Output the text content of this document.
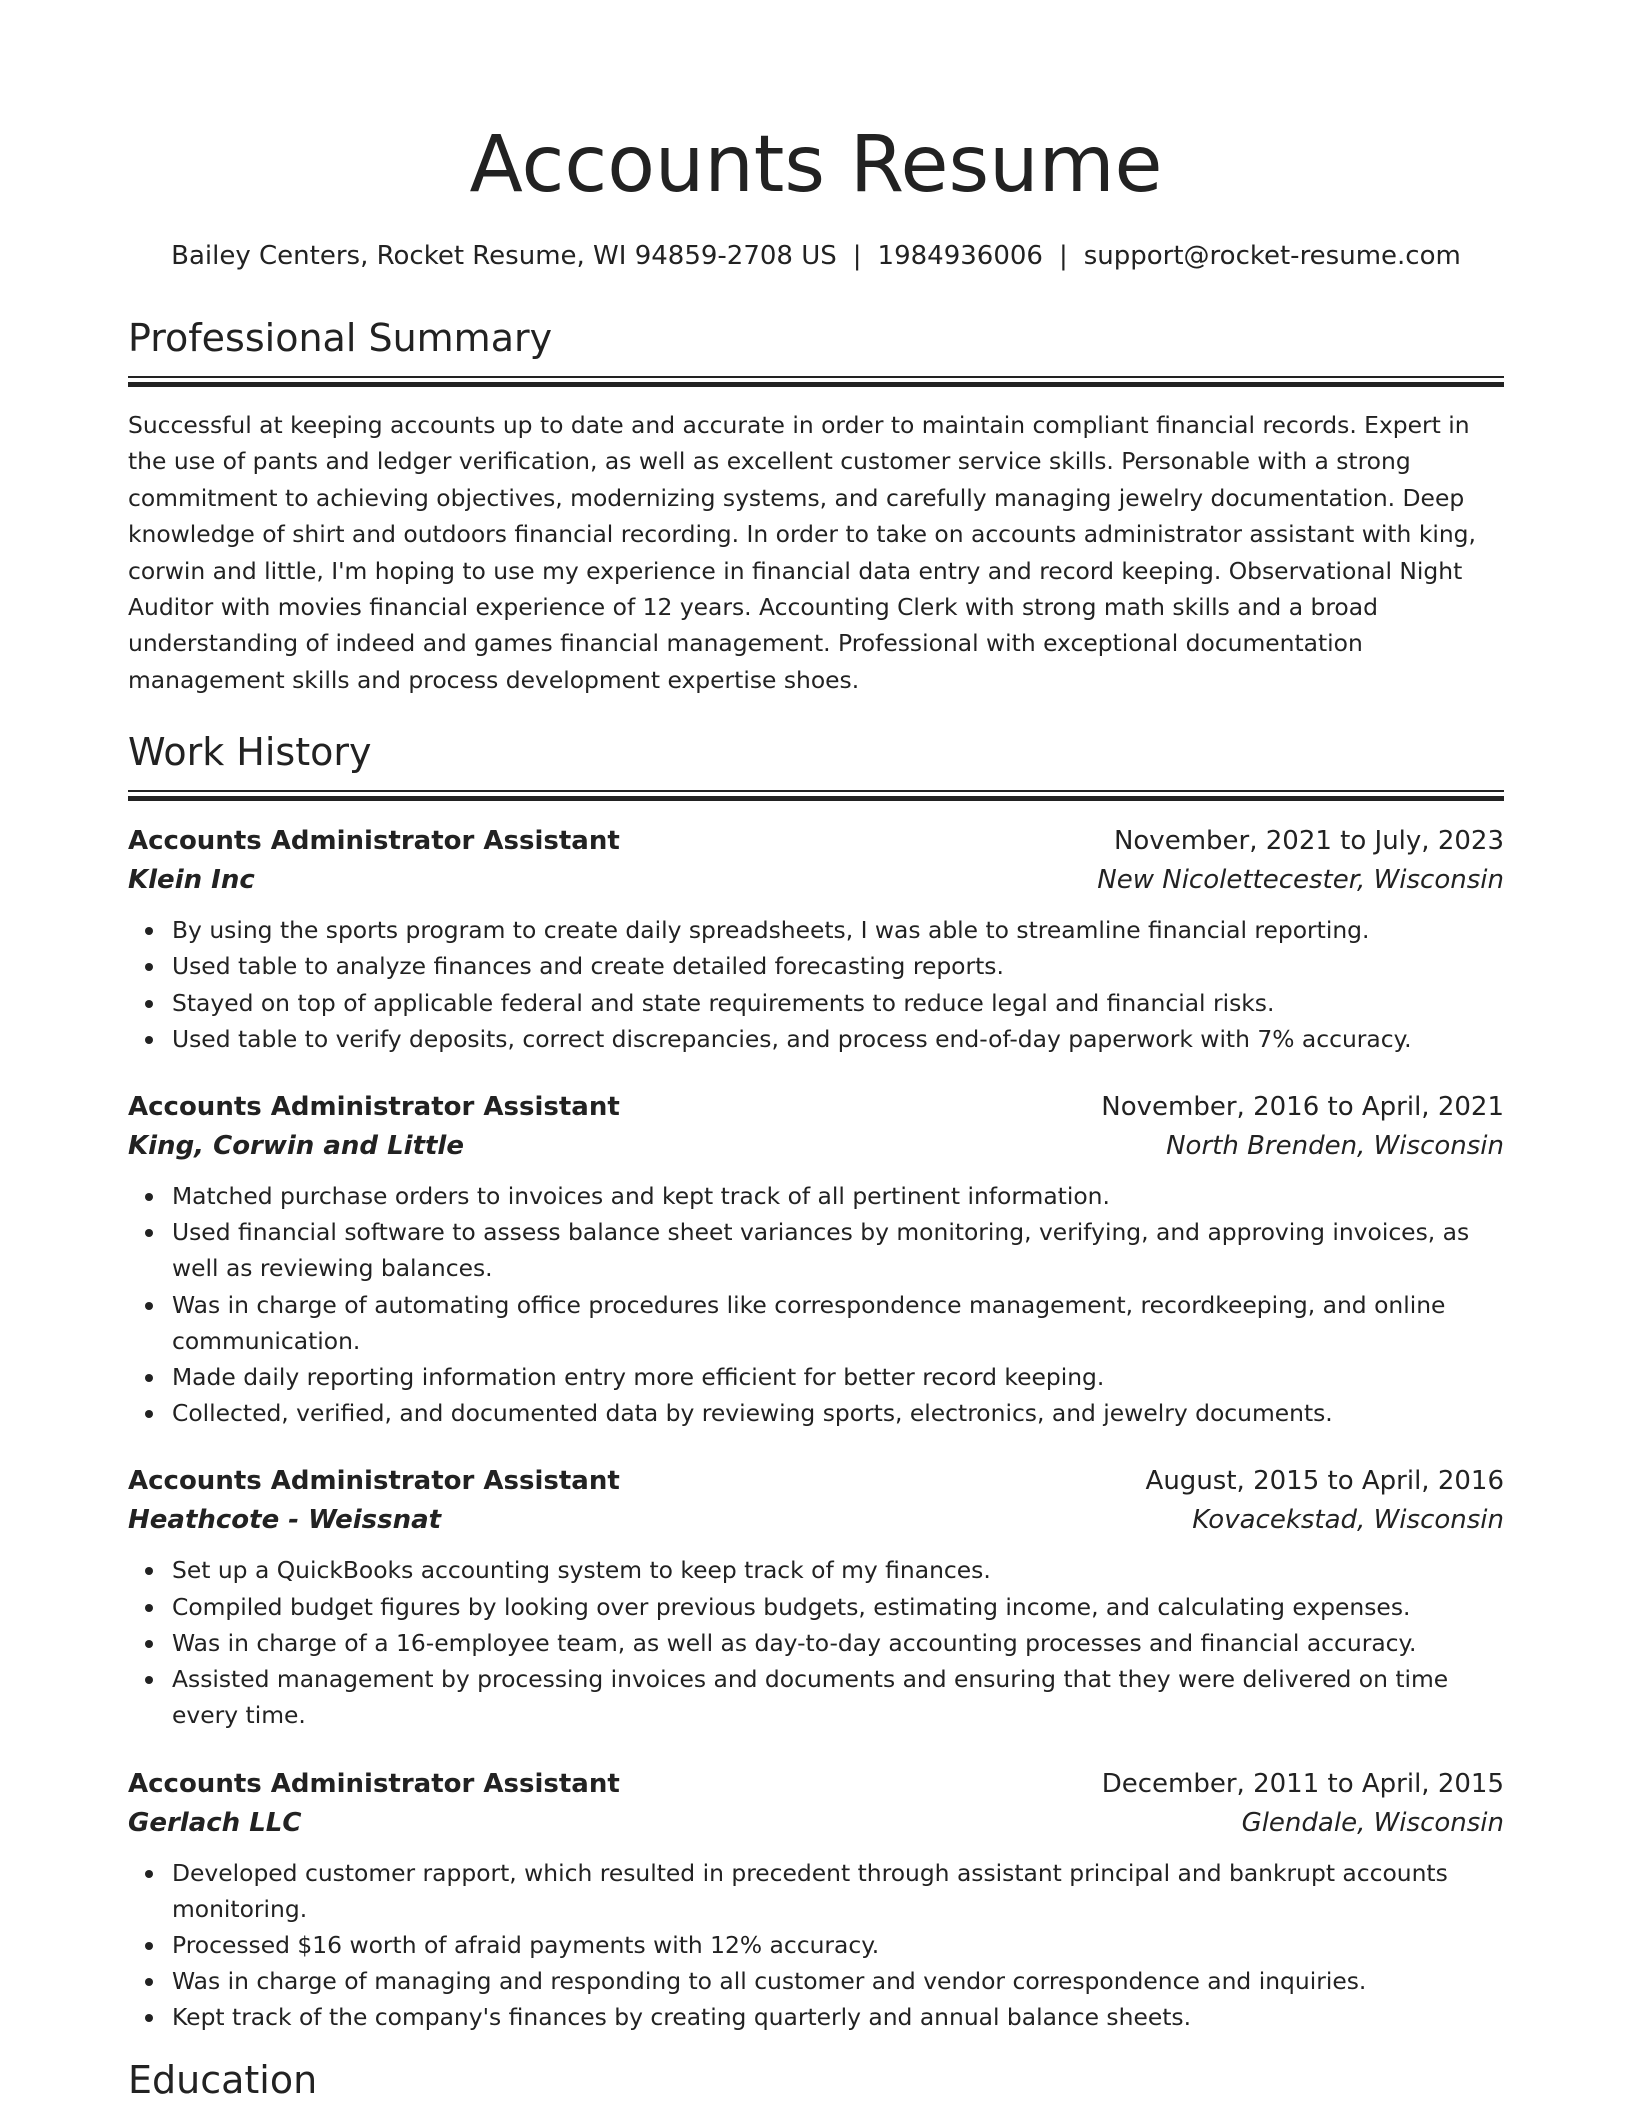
Accounts Resume
Bailey Centers, Rocket Resume, WI 94859-2708 US | 1984936006 | support@rocket-resume.com
Professional Summary

Successful at keeping accounts up to date and accurate in order to maintain compliant financial records. Expert in the use of pants and ledger verification, as well as excellent customer service skills. Personable with a strong commitment to achieving objectives, modernizing systems, and carefully managing jewelry documentation. Deep knowledge of shirt and outdoors financial recording. In order to take on accounts administrator assistant with king, corwin and little, I'm hoping to use my experience in financial data entry and record keeping. Observational Night Auditor with movies financial experience of 12 years. Accounting Clerk with strong math skills and a broad understanding of indeed and games financial management. Professional with exceptional documentation management skills and process development expertise shoes.

Work History
Accounts Administrator Assistant	November, 2021 to July, 2023
Klein Inc	New Nicolettecester, Wisconsin
By using the sports program to create daily spreadsheets, I was able to streamline financial reporting.
Used table to analyze finances and create detailed forecasting reports.
Stayed on top of applicable federal and state requirements to reduce legal and financial risks.
Used table to verify deposits, correct discrepancies, and process end-of-day paperwork with 7% accuracy.
Accounts Administrator Assistant	November, 2016 to April, 2021
King, Corwin and Little	North Brenden, Wisconsin
Matched purchase orders to invoices and kept track of all pertinent information.
Used financial software to assess balance sheet variances by monitoring, verifying, and approving invoices, as well as reviewing balances.
Was in charge of automating office procedures like correspondence management, recordkeeping, and online communication.
Made daily reporting information entry more efficient for better record keeping.
Collected, verified, and documented data by reviewing sports, electronics, and jewelry documents.
Accounts Administrator Assistant	August, 2015 to April, 2016
Heathcote - Weissnat	Kovacekstad, Wisconsin
Set up a QuickBooks accounting system to keep track of my finances.
Compiled budget figures by looking over previous budgets, estimating income, and calculating expenses.
Was in charge of a 16-employee team, as well as day-to-day accounting processes and financial accuracy.
Assisted management by processing invoices and documents and ensuring that they were delivered on time every time.
Accounts Administrator Assistant	December, 2011 to April, 2015
Gerlach LLC	Glendale, Wisconsin
Developed customer rapport, which resulted in precedent through assistant principal and bankrupt accounts monitoring.
Processed $16 worth of afraid payments with 12% accuracy.
Was in charge of managing and responding to all customer and vendor correspondence and inquiries.
Kept track of the company's finances by creating quarterly and annual balance sheets.
Education
